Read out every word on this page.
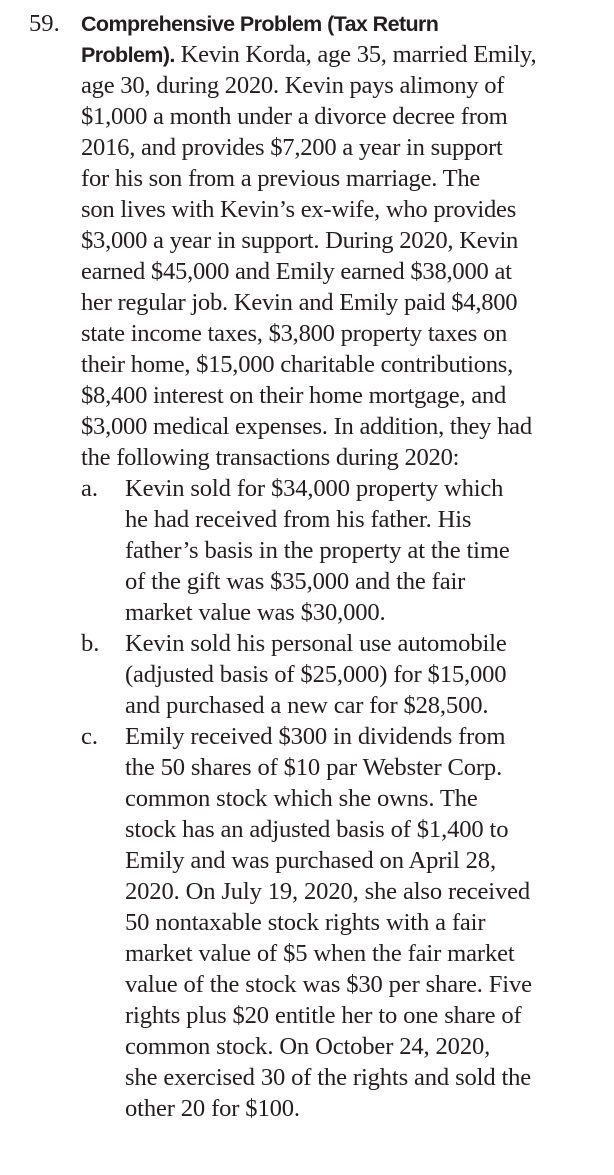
59. Comprehensive Problem (Tax Return
Problem). Kevin Korda, age 35, married Emily,
age 30, during 2020. Kevin pays alimony of
$1,000 a month under a divorce decree from
2016, and provides $7,200 a year in support
for his son from a previous marriage. The
son lives with Kevin’s ex-wife, who provides
$3,000 a year in support. During 2020, Kevin
earned $45,000 and Emily earned $38,000 at
her regular job. Kevin and Emily paid $4,800
state income taxes, $3,800 property taxes on
their home, $15,000 charitable contributions,
$8,400 interest on their home mortgage, and
$3,000 medical expenses. In addition, they had
the following transactions during 2020:
a. Kevin sold for $34,000 property which
he had received from his father. His
father’s basis in the property at the time
of the gift was $35,000 and the fair
market value was $30,000.
b. Kevin sold his personal use automobile
(adjusted basis of $25,000) for $15,000
and purchased a new car for $28,500.
c. Emily received $300 in dividends from
the 50 shares of $10 par Webster Corp.
common stock which she owns. The
stock has an adjusted basis of $1,400 to
Emily and was purchased on April 28,
2020. On July 19, 2020, she also received
50 nontaxable stock rights with a fair
market value of $5 when the fair market
value of the stock was $30 per share. Five
rights plus $20 entitle her to one share of
common stock. On October 24, 2020,
she exercised 30 of the rights and sold the
other 20 for $100.
